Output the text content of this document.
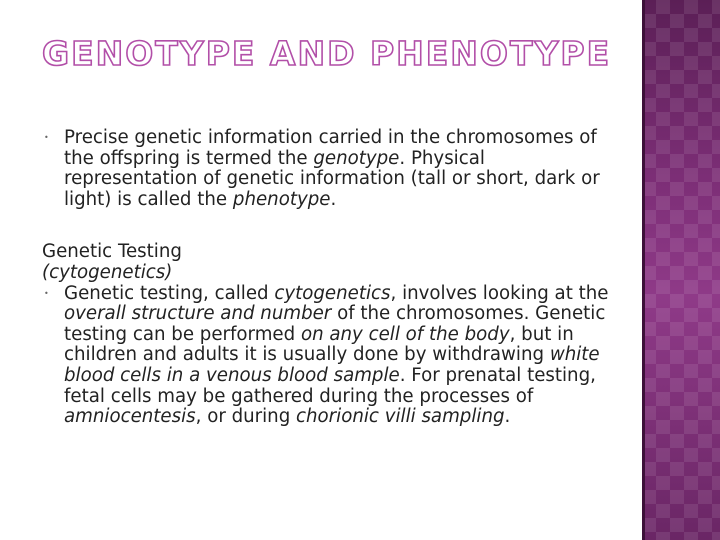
GENOTYPE AND PHENOTYPE

• Precise genetic information carried in the chromosomes of the offspring is termed the genotype. Physical representation of genetic information (tall or short, dark or light) is called the phenotype.

Genetic Testing

(cytogenetics)

• Genetic testing, called cytogenetics, involves looking at the overall structure and number of the chromosomes. Genetic testing can be performed on any cell of the body, but in children and adults it is usually done by withdrawing white blood cells in a venous blood sample. For prenatal testing, fetal cells may be gathered during the processes of amniocentesis, or during chorionic villi sampling.
